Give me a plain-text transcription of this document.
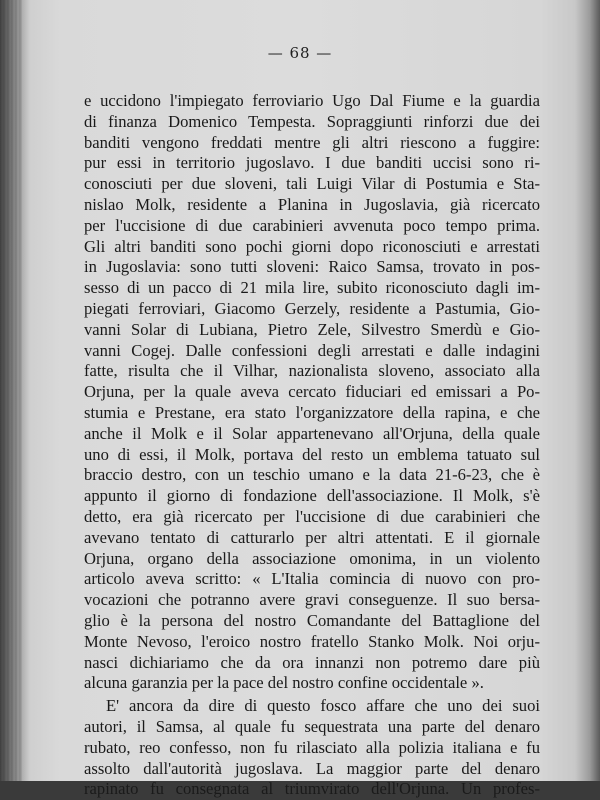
— 68 —
e uccidono l'impiegato ferroviario Ugo Dal Fiume e la guardia
di finanza Domenico Tempesta. Sopraggiunti rinforzi due dei
banditi vengono freddati mentre gli altri riescono a fuggire:
pur essi in territorio jugoslavo. I due banditi uccisi sono ri-
conosciuti per due sloveni, tali Luigi Vilar di Postumia e Sta-
nislao Molk, residente a Planina in Jugoslavia, già ricercato
per l'uccisione di due carabinieri avvenuta poco tempo prima.
Gli altri banditi sono pochi giorni dopo riconosciuti e arrestati
in Jugoslavia: sono tutti sloveni: Raico Samsa, trovato in pos-
sesso di un pacco di 21 mila lire, subito riconosciuto dagli im-
piegati ferroviari, Giacomo Gerzely, residente a Pastumia, Gio-
vanni Solar di Lubiana, Pietro Zele, Silvestro Smerdù e Gio-
vanni Cogej. Dalle confessioni degli arrestati e dalle indagini
fatte, risulta che il Vilhar, nazionalista sloveno, associato alla
Orjuna, per la quale aveva cercato fiduciari ed emissari a Po-
stumia e Prestane, era stato l'organizzatore della rapina, e che
anche il Molk e il Solar appartenevano all'Orjuna, della quale
uno di essi, il Molk, portava del resto un emblema tatuato sul
braccio destro, con un teschio umano e la data 21-6-23, che è
appunto il giorno di fondazione dell'associazione. Il Molk, s'è
detto, era già ricercato per l'uccisione di due carabinieri che
avevano tentato di catturarlo per altri attentati. E il giornale
Orjuna, organo della associazione omonima, in un violento
articolo aveva scritto: « L'Italia comincia di nuovo con pro-
vocazioni che potranno avere gravi conseguenze. Il suo bersa-
glio è la persona del nostro Comandante del Battaglione del
Monte Nevoso, l'eroico nostro fratello Stanko Molk. Noi orju-
nasci dichiariamo che da ora innanzi non potremo dare più
alcuna garanzia per la pace del nostro confine occidentale ».
E' ancora da dire di questo fosco affare che uno dei suoi
autori, il Samsa, al quale fu sequestrata una parte del denaro
rubato, reo confesso, non fu rilasciato alla polizia italiana e fu
assolto dall'autorità jugoslava. La maggior parte del denaro
rapinato fu consegnata al triumvirato dell'Orjuna. Un profes-
